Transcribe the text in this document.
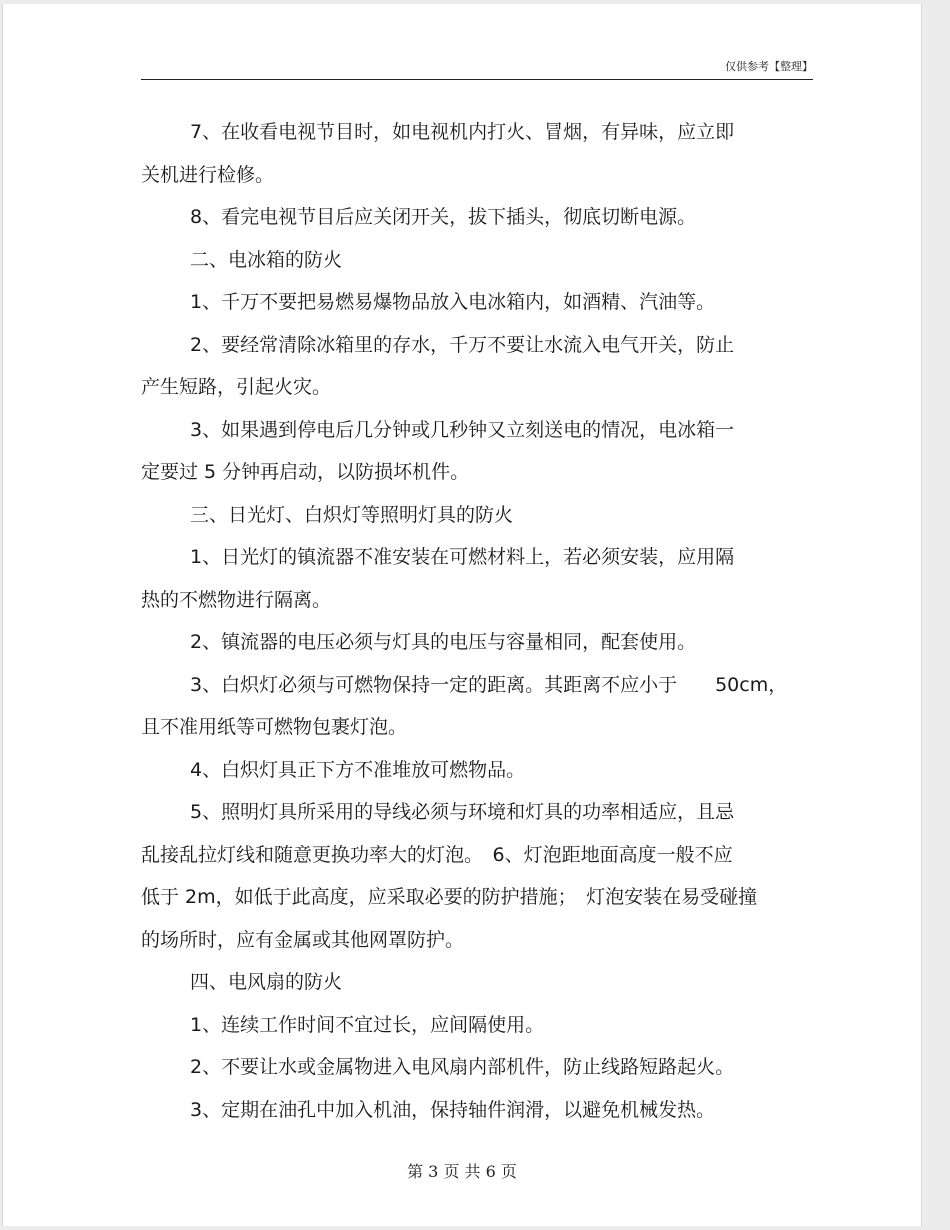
仅供参考【整理】
7、在收看电视节目时，如电视机内打火、冒烟，有异味，应立即
关机进行检修。
8、看完电视节目后应关闭开关，拔下插头，彻底切断电源。
二、电冰箱的防火
1、千万不要把易燃易爆物品放入电冰箱内，如酒精、汽油等。
2、要经常清除冰箱里的存水，千万不要让水流入电气开关，防止
产生短路，引起火灾。
3、如果遇到停电后几分钟或几秒钟又立刻送电的情况，电冰箱一
定要过 5 分钟再启动，以防损坏机件。
三、日光灯、白炽灯等照明灯具的防火
1、日光灯的镇流器不准安装在可燃材料上，若必须安装，应用隔
热的不燃物进行隔离。
2、镇流器的电压必须与灯具的电压与容量相同，配套使用。
3、白炽灯必须与可燃物保持一定的距离。其距离不应小于　　50cm，
且不准用纸等可燃物包裹灯泡。
4、白炽灯具正下方不准堆放可燃物品。
5、照明灯具所采用的导线必须与环境和灯具的功率相适应，且忌
乱接乱拉灯线和随意更换功率大的灯泡。　6、灯泡距地面高度一般不应
低于 2m，如低于此高度，应采取必要的防护措施；　灯泡安装在易受碰撞
的场所时，应有金属或其他网罩防护。
四、电风扇的防火
1、连续工作时间不宜过长，应间隔使用。
2、不要让水或金属物进入电风扇内部机件，防止线路短路起火。
3、定期在油孔中加入机油，保持轴件润滑，以避免机械发热。
第 3 页 共 6 页
